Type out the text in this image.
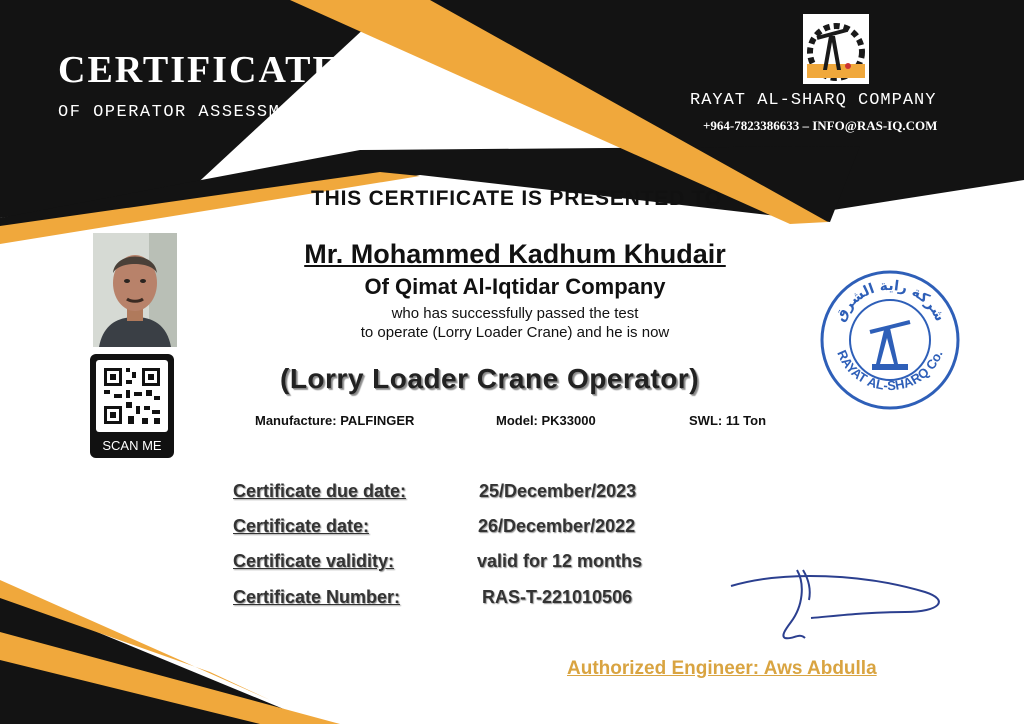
CERTIFICATE
OF OPERATOR ASSESSMENT
RAYAT AL-SHARQ COMPANY
+964-7823386633 – INFO@RAS-IQ.COM
THIS CERTIFICATE IS PRESENTED TO
SCAN ME
Mr. Mohammed Kadhum Khudair
Of Qimat Al-Iqtidar Company
who has successfully passed the test
to operate (Lorry Loader Crane) and he is now
(Lorry Loader Crane Operator)
Manufacture: PALFINGER	Model: PK33000	SWL: 11 Ton
Certificate due date:	25/December/2023
Certificate date:	26/December/2022
Certificate validity:	valid for 12 months
Certificate Number:	RAS-T-221010506
شركة راية الشرق
RAYAT AL-SHARQ Co.
Authorized Engineer: Aws Abdulla
